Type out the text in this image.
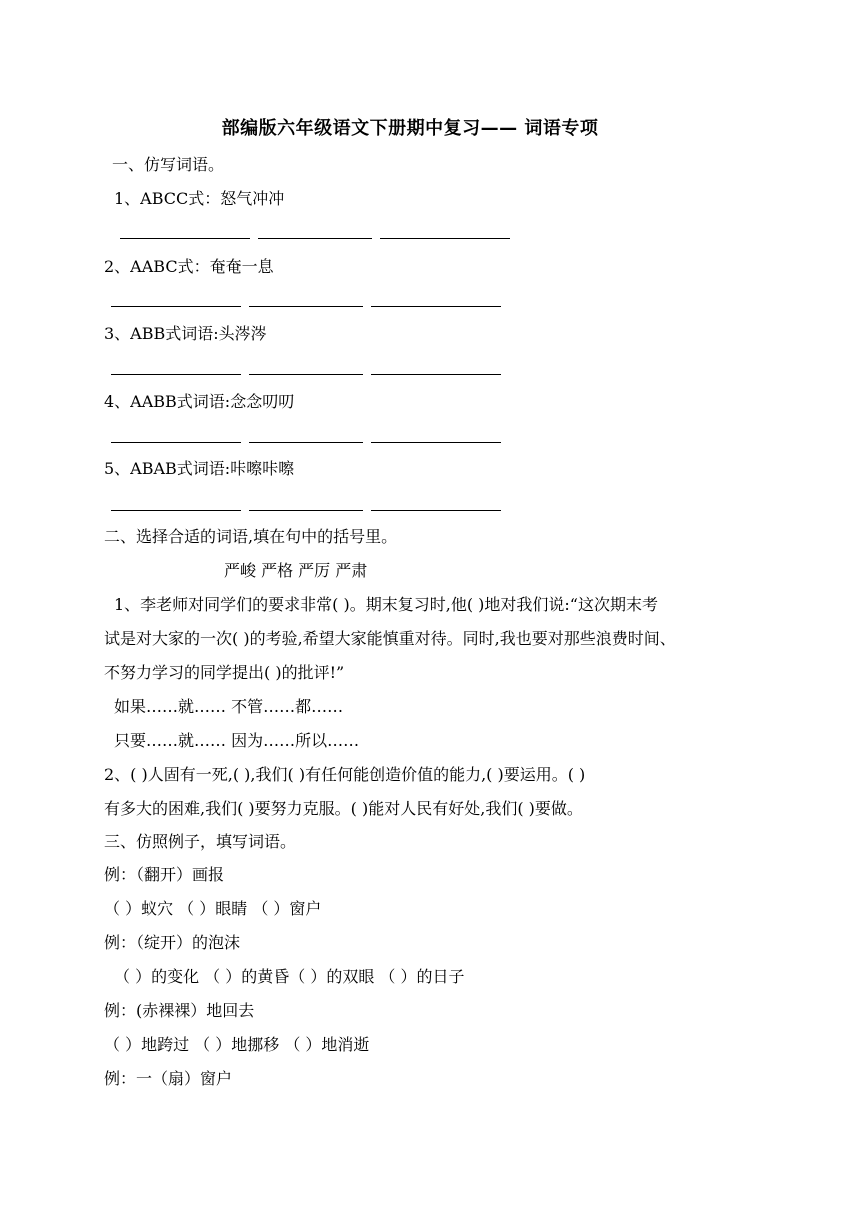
部编版六年级语文下册期中复习—— 词语专项
一、仿写词语。
1、ABCC式：怒气冲冲
2、AABC式：奄奄一息
3、ABB式词语:头涔涔
4、AABB式词语:念念叨叨
5、ABAB式词语:咔嚓咔嚓
二、选择合适的词语,填在句中的括号里。
严峻 严格 严厉 严肃
1、李老师对同学们的要求非常( )。期末复习时,他( )地对我们说:“这次期末考
试是对大家的一次( )的考验,希望大家能慎重对待。同时,我也要对那些浪费时间、
不努力学习的同学提出( )的批评!”
如果……就…… 不管……都……
只要……就…… 因为……所以……
2、( )人固有一死,( ),我们( )有任何能创造价值的能力,( )要运用。( )
有多大的困难,我们( )要努力克服。( )能对人民有好处,我们( )要做。
三、仿照例子，填写词语。
例：（翻开）画报
（ ）蚁穴 （ ）眼睛 （ ）窗户
例：（绽开）的泡沫
（ ）的变化 （ ）的黄昏（ ）的双眼 （ ）的日子
例：(赤裸裸）地回去
（ ）地跨过 （ ）地挪移 （ ）地消逝
例：一（扇）窗户
